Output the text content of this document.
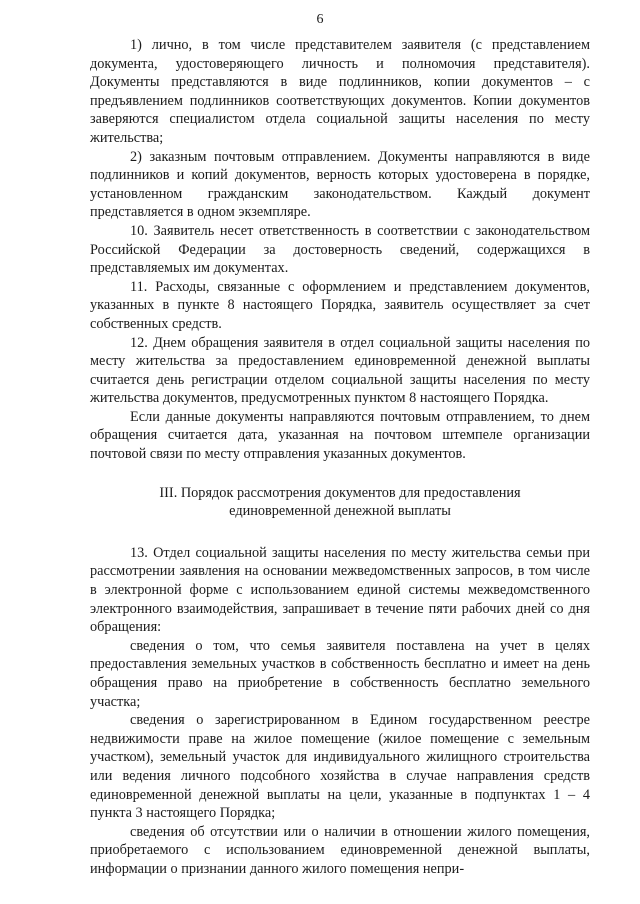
6

1) лично, в том числе представителем заявителя (с представлением документа, удостоверяющего личность и полномочия представителя). Документы представляются в виде подлинников, копии документов – с предъявлением подлинников соответствующих документов. Копии документов заверяются специалистом отдела социальной защиты населения по месту жительства;

2) заказным почтовым отправлением. Документы направляются в виде подлинников и копий документов, верность которых удостоверена в порядке, установленном гражданским законодательством. Каждый документ представляется в одном экземпляре.

10. Заявитель несет ответственность в соответствии с законодательством Российской Федерации за достоверность сведений, содержащихся в представляемых им документах.

11. Расходы, связанные с оформлением и представлением документов, указанных в пункте 8 настоящего Порядка, заявитель осуществляет за счет собственных средств.

12. Днем обращения заявителя в отдел социальной защиты населения по месту жительства за предоставлением единовременной денежной выплаты считается день регистрации отделом социальной защиты населения по месту жительства документов, предусмотренных пунктом 8 настоящего Порядка.

Если данные документы направляются почтовым отправлением, то днем обращения считается дата, указанная на почтовом штемпеле организации почтовой связи по месту отправления указанных документов.

III. Порядок рассмотрения документов для предоставления единовременной денежной выплаты

13. Отдел социальной защиты населения по месту жительства семьи при рассмотрении заявления на основании межведомственных запросов, в том числе в электронной форме с использованием единой системы межведомственного электронного взаимодействия, запрашивает в течение пяти рабочих дней со дня обращения:

сведения о том, что семья заявителя поставлена на учет в целях предоставления земельных участков в собственность бесплатно и имеет на день обращения право на приобретение в собственность бесплатно земельного участка;

сведения о зарегистрированном в Едином государственном реестре недвижимости праве на жилое помещение (жилое помещение с земельным участком), земельный участок для индивидуального жилищного строительства или ведения личного подсобного хозяйства в случае направления средств единовременной денежной выплаты на цели, указанные в подпунктах 1 – 4 пункта 3 настоящего Порядка;

сведения об отсутствии или о наличии в отношении жилого помещения, приобретаемого с использованием единовременной денежной выплаты, информации о признании данного жилого помещения непри-
